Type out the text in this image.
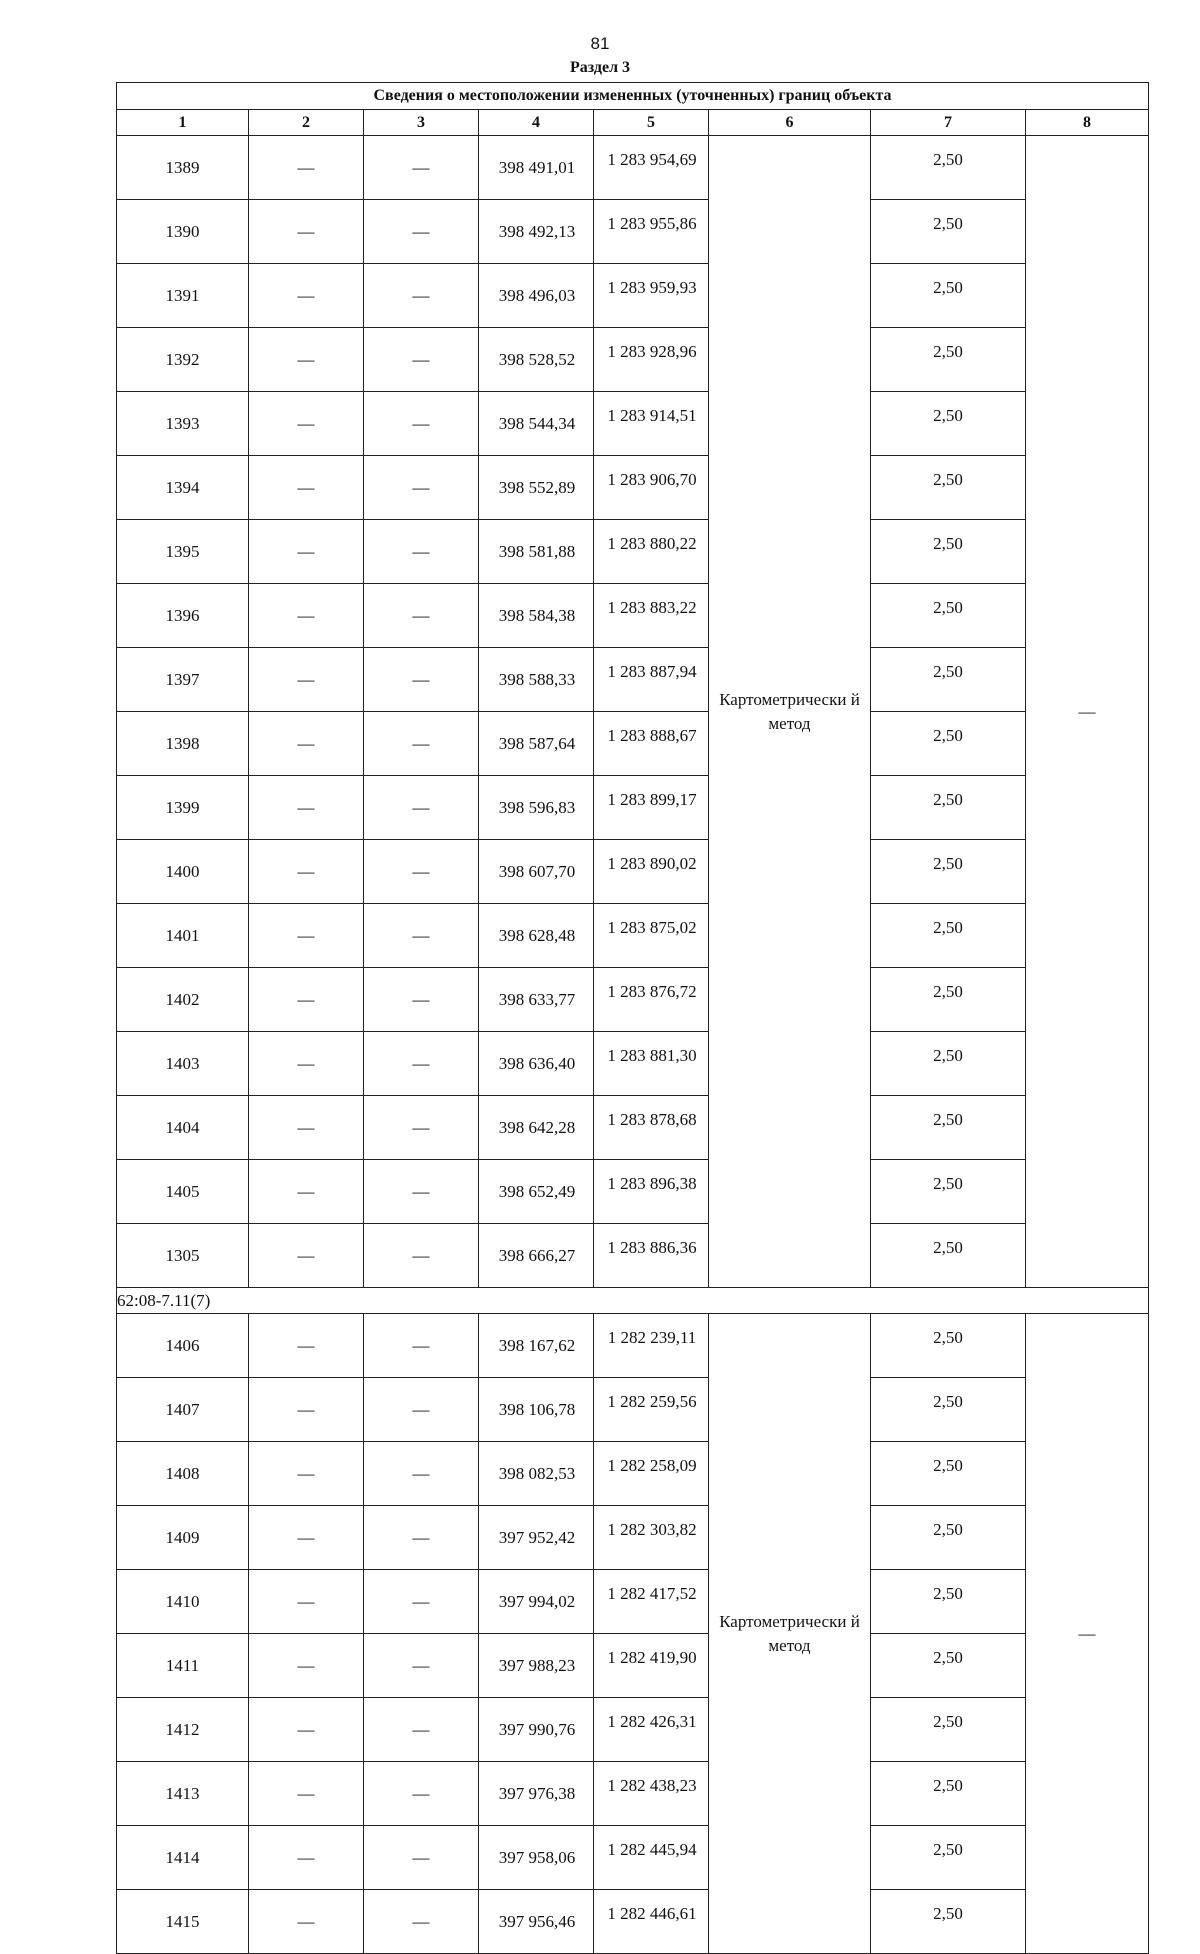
81
Раздел 3
Сведения о местоположении измененных (уточненных) границ объекта							
1	2	3	4	5	6	7	8
1389	—	—	398 491,01	1 283 954,69	Картометрически й метод	2,50	—
1390	—	—	398 492,13	1 283 955,86		2,50	
1391	—	—	398 496,03	1 283 959,93		2,50	
1392	—	—	398 528,52	1 283 928,96		2,50	
1393	—	—	398 544,34	1 283 914,51		2,50	
1394	—	—	398 552,89	1 283 906,70		2,50	
1395	—	—	398 581,88	1 283 880,22		2,50	
1396	—	—	398 584,38	1 283 883,22		2,50	
1397	—	—	398 588,33	1 283 887,94		2,50	
1398	—	—	398 587,64	1 283 888,67		2,50	
1399	—	—	398 596,83	1 283 899,17		2,50	
1400	—	—	398 607,70	1 283 890,02		2,50	
1401	—	—	398 628,48	1 283 875,02		2,50	
1402	—	—	398 633,77	1 283 876,72		2,50	
1403	—	—	398 636,40	1 283 881,30		2,50	
1404	—	—	398 642,28	1 283 878,68		2,50	
1405	—	—	398 652,49	1 283 896,38		2,50	
1305	—	—	398 666,27	1 283 886,36		2,50	
62:08-7.11(7)							
1406	—	—	398 167,62	1 282 239,11	Картометрически й метод	2,50	—
1407	—	—	398 106,78	1 282 259,56		2,50	
1408	—	—	398 082,53	1 282 258,09		2,50	
1409	—	—	397 952,42	1 282 303,82		2,50	
1410	—	—	397 994,02	1 282 417,52		2,50	
1411	—	—	397 988,23	1 282 419,90		2,50	
1412	—	—	397 990,76	1 282 426,31		2,50	
1413	—	—	397 976,38	1 282 438,23		2,50	
1414	—	—	397 958,06	1 282 445,94		2,50	
1415	—	—	397 956,46	1 282 446,61		2,50	
